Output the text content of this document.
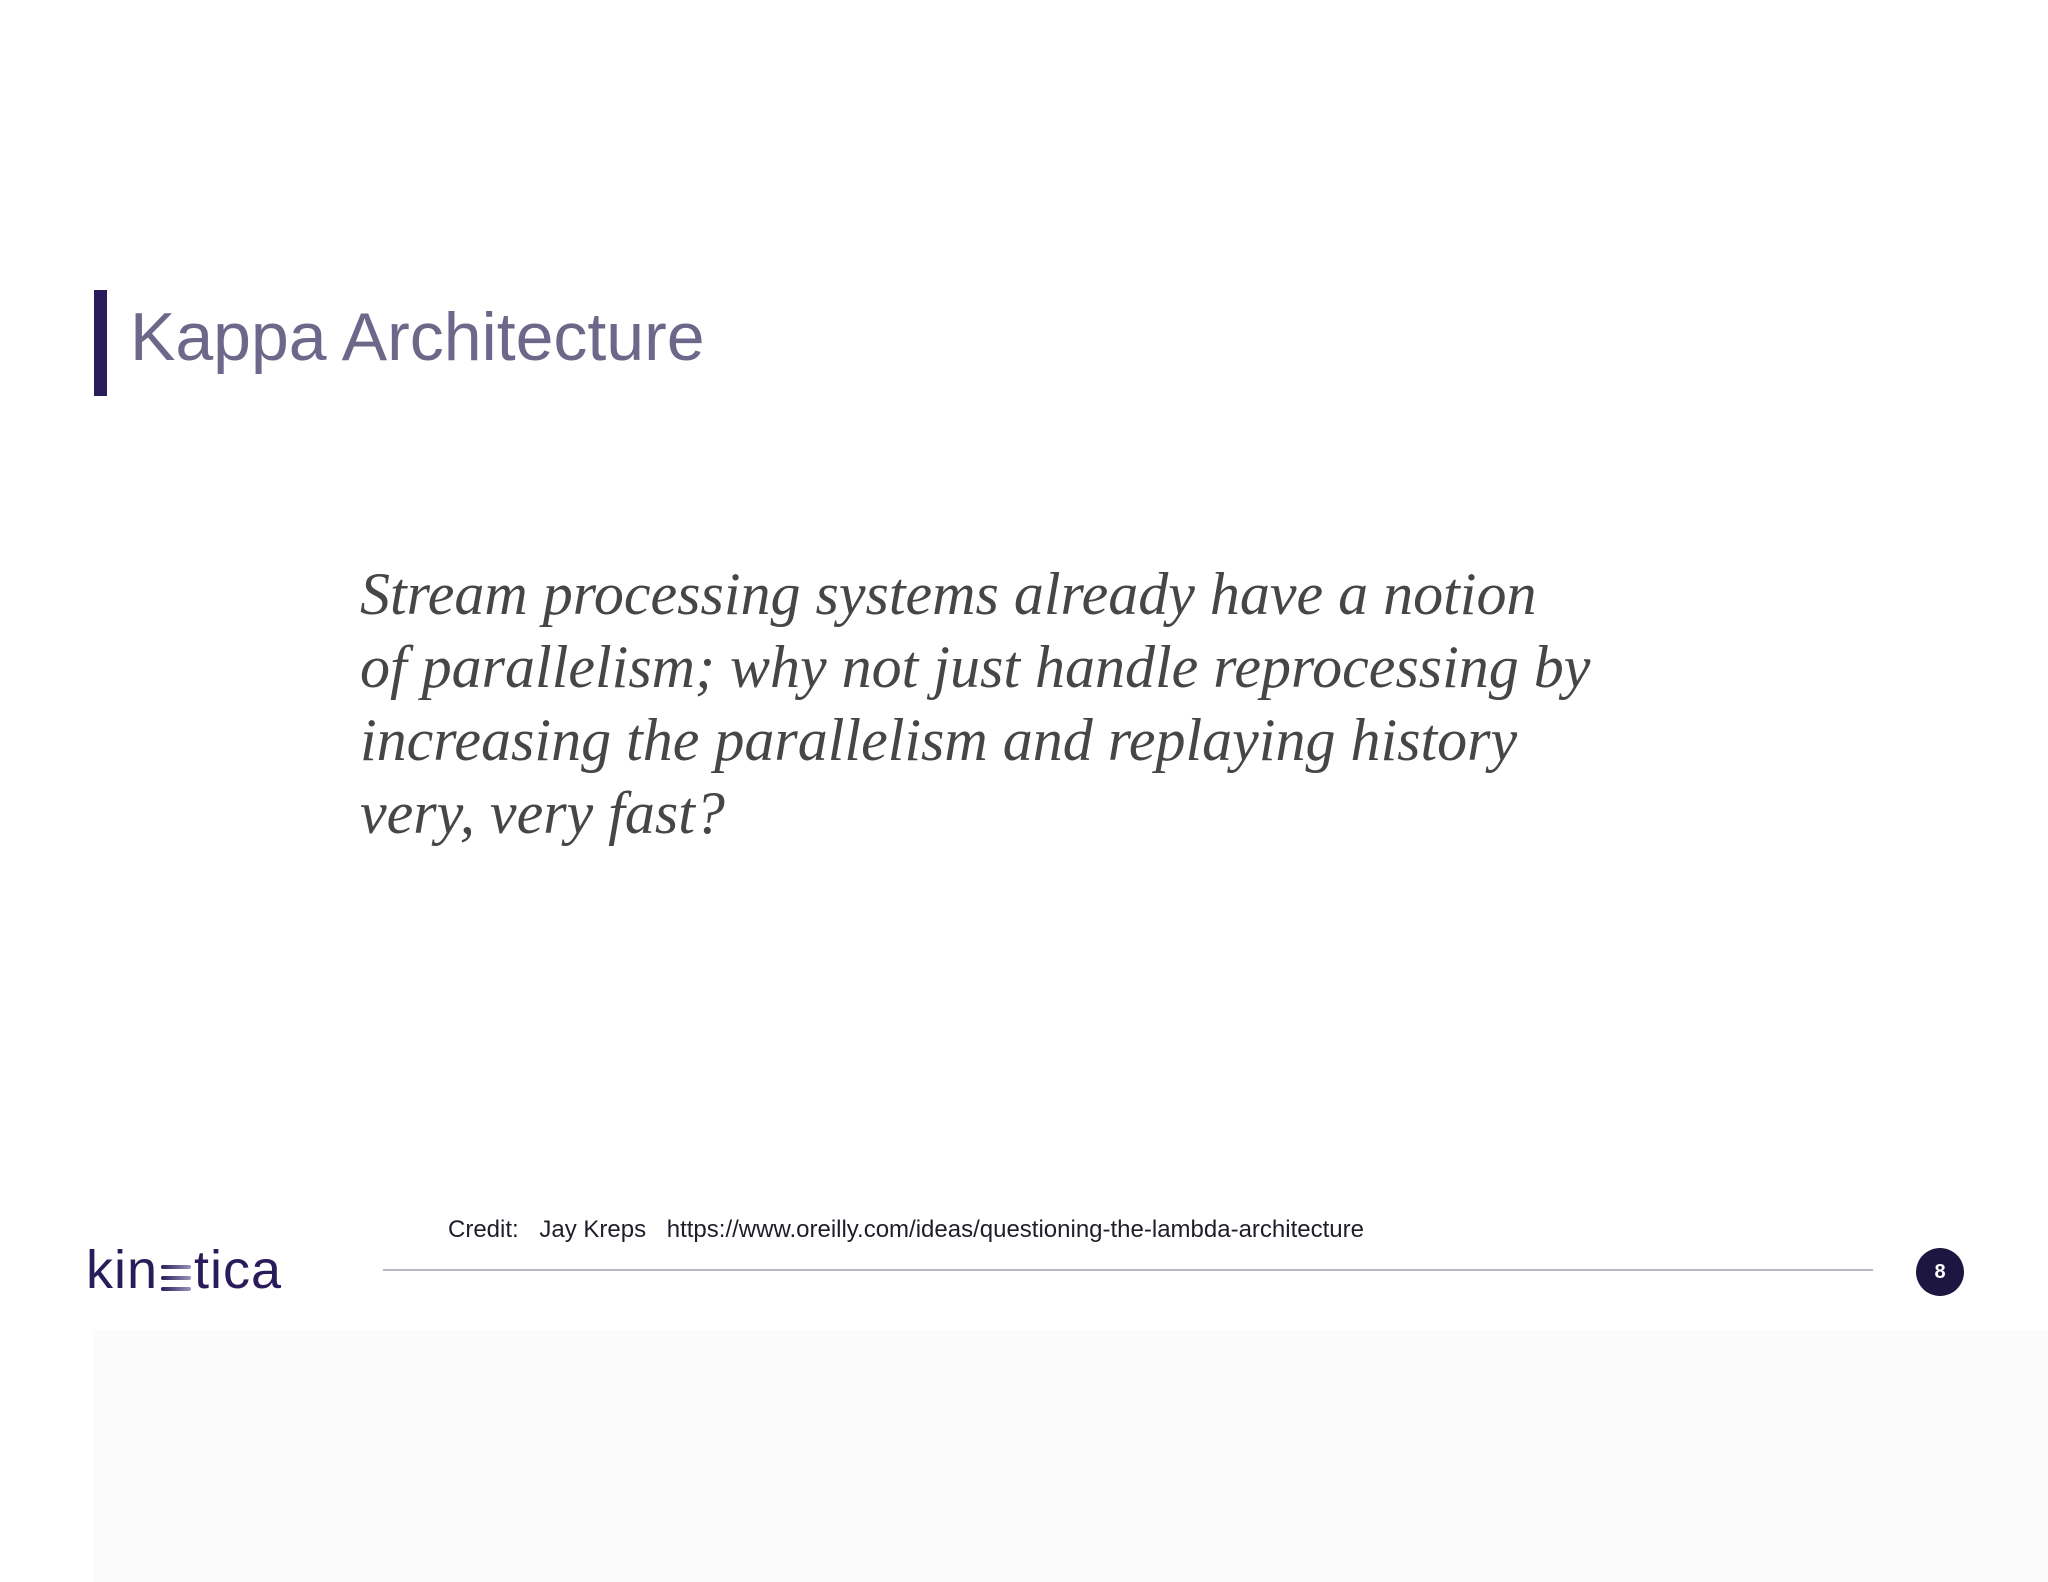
Kappa Architecture
Stream processing systems already have a notion
of parallelism; why not just handle reprocessing by
increasing the parallelism and replaying history
very, very fast?
Credit: Jay Kreps https://www.oreilly.com/ideas/questioning-the-lambda-architecture
kin tica	8
